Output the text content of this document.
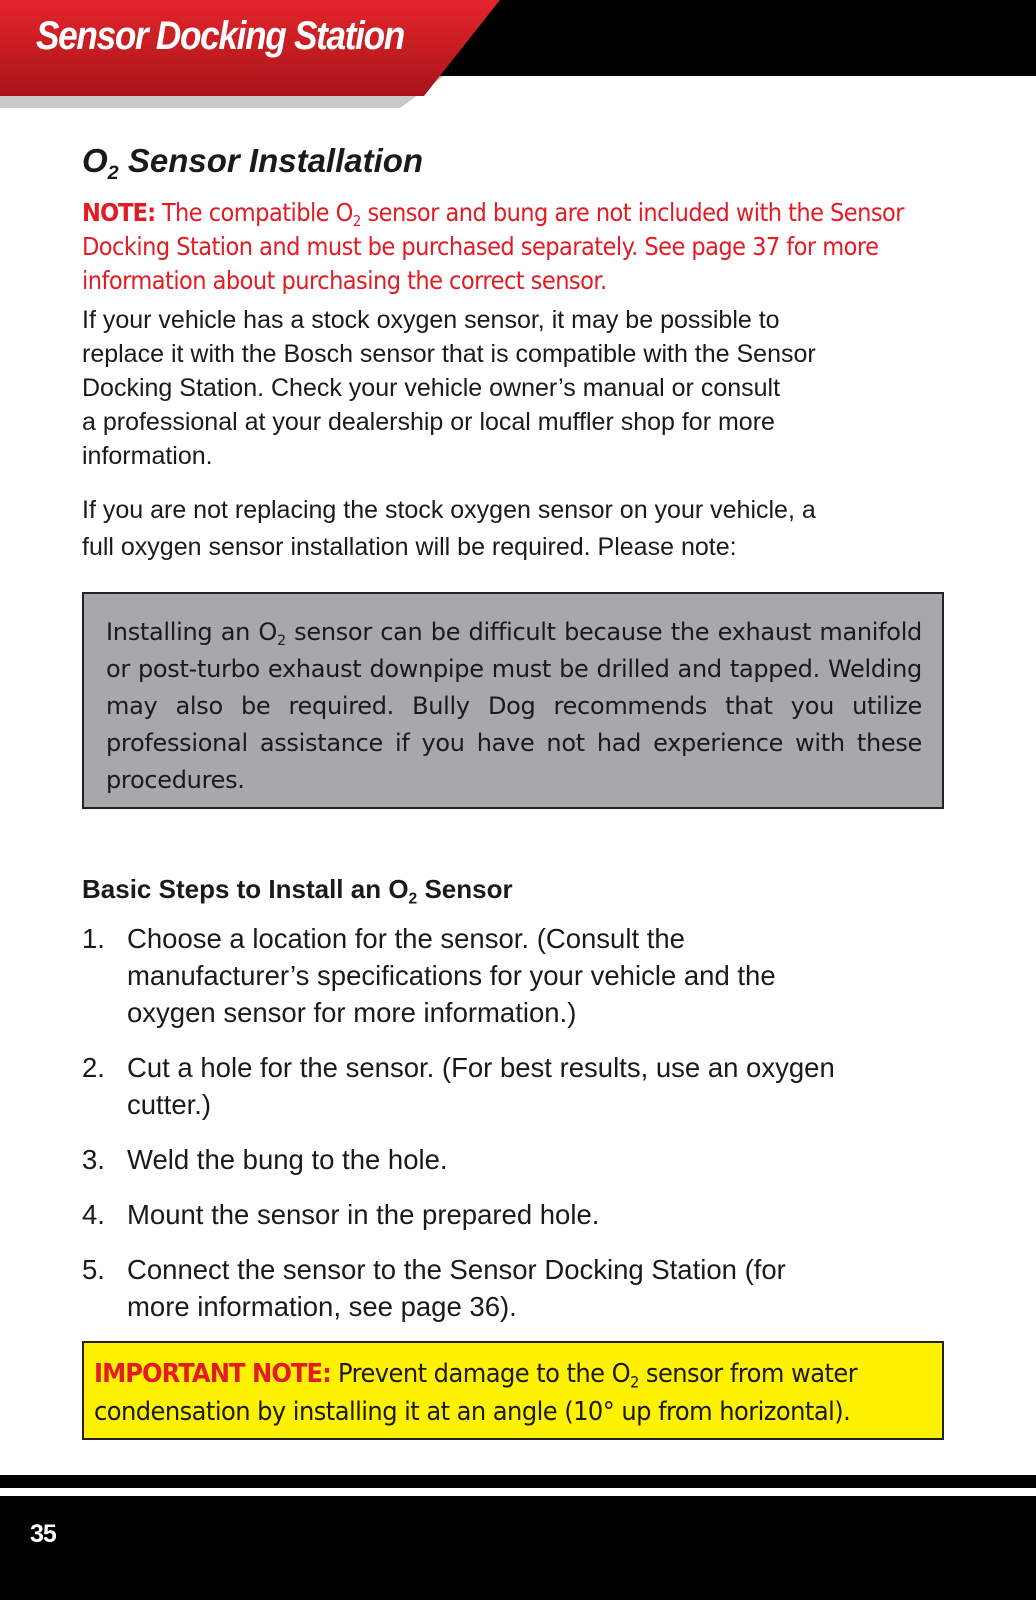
Sensor Docking Station
$O_2$ Sensor Installation
NOTE: The compatible $O_2$ sensor and bung are not included with the Sensor
Docking Station and must be purchased separately. See page 37 for more
information about purchasing the correct sensor.
If your vehicle has a stock oxygen sensor, it may be possible to
replace it with the Bosch sensor that is compatible with the Sensor
Docking Station. Check your vehicle owner’s manual or consult
a professional at your dealership or local muffler shop for more
information.
If you are not replacing the stock oxygen sensor on your vehicle, a
full oxygen sensor installation will be required. Please note:
Installing an $O_2$ sensor can be difficult because the exhaust manifold or post-turbo exhaust downpipe must be drilled and tapped. Welding may also be required. Bully Dog recommends that you utilize professional assistance if you have not had experience with these procedures.
Basic Steps to Install an $O_2$ Sensor
1. Choose a location for the sensor. (Consult the
manufacturer’s specifications for your vehicle and the
oxygen sensor for more information.)
2. Cut a hole for the sensor. (For best results, use an oxygen
cutter.)
3. Weld the bung to the hole.
4. Mount the sensor in the prepared hole.
5. Connect the sensor to the Sensor Docking Station (for
more information, see page 36).
IMPORTANT NOTE: Prevent damage to the $O_2$ sensor from water
condensation by installing it at an angle (10° up from horizontal).
35
